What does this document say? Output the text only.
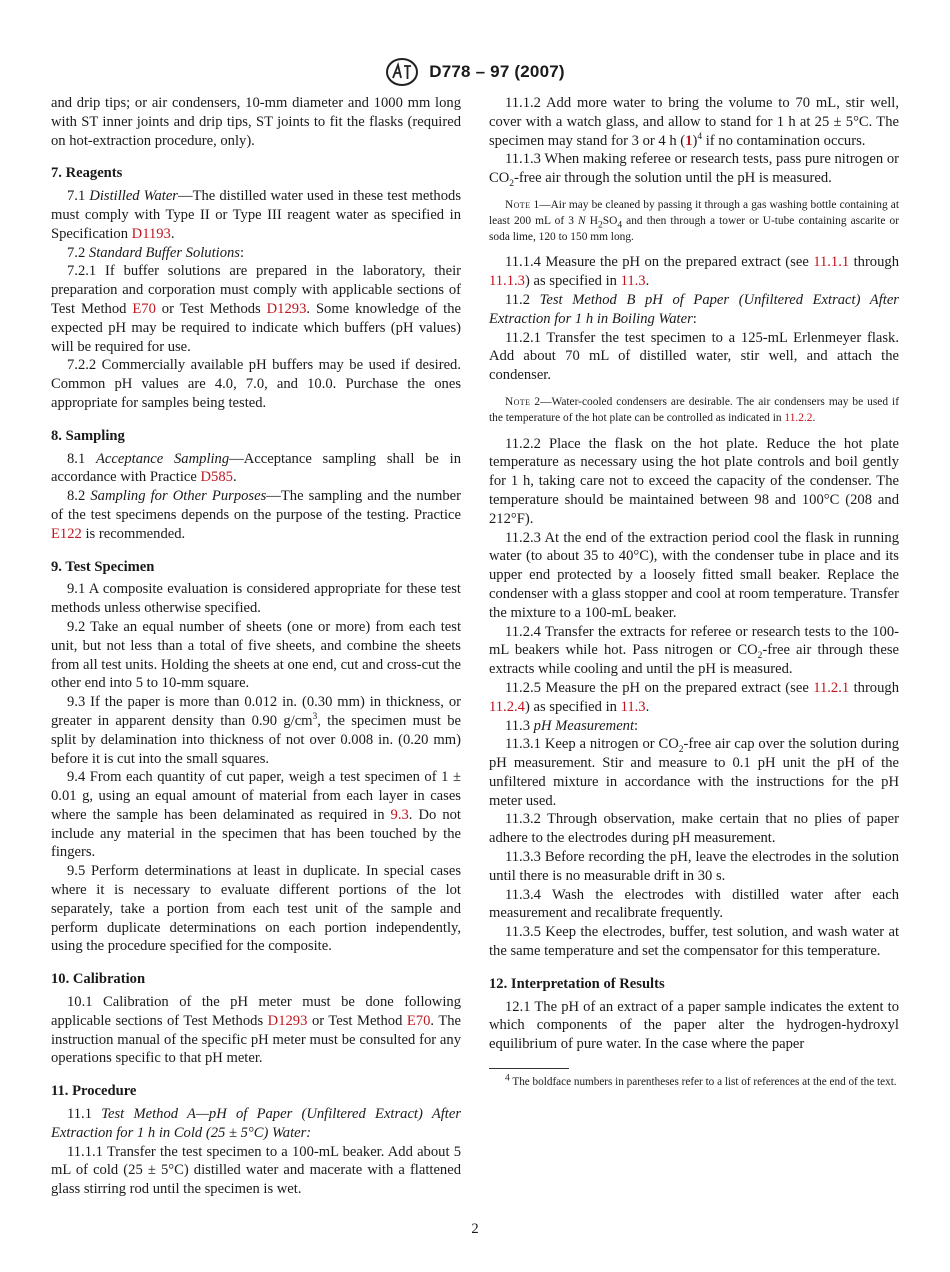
D778 – 97 (2007)

and drip tips; or air condensers, 10-mm diameter and 1000 mm long with ST inner joints and drip tips, ST joints to fit the flasks (required on hot-extraction procedure, only).

7. Reagents

7.1 Distilled Water—The distilled water used in these test methods must comply with Type II or Type III reagent water as specified in Specification D1193.

7.2 Standard Buffer Solutions:

7.2.1 If buffer solutions are prepared in the laboratory, their preparation and corporation must comply with applicable sections of Test Method E70 or Test Methods D1293. Some knowledge of the expected pH may be required to indicate which buffers (pH values) will be required for use.

7.2.2 Commercially available pH buffers may be used if desired. Common pH values are 4.0, 7.0, and 10.0. Purchase the ones appropriate for samples being tested.

8. Sampling

8.1 Acceptance Sampling—Acceptance sampling shall be in accordance with Practice D585.

8.2 Sampling for Other Purposes—The sampling and the number of the test specimens depends on the purpose of the testing. Practice E122 is recommended.

9. Test Specimen

9.1 A composite evaluation is considered appropriate for these test methods unless otherwise specified.

9.2 Take an equal number of sheets (one or more) from each test unit, but not less than a total of five sheets, and combine the sheets from all test units. Holding the sheets at one end, cut and cross-cut the other end into 5 to 10-mm square.

9.3 If the paper is more than 0.012 in. (0.30 mm) in thickness, or greater in apparent density than 0.90 $g/cm^3$, the specimen must be split by delamination into thickness of not over 0.008 in. (0.20 mm) before it is cut into the small squares.

9.4 From each quantity of cut paper, weigh a test specimen of 1 ± 0.01 g, using an equal amount of material from each layer in cases where the sample has been delaminated as required in 9.3. Do not include any material in the specimen that has been touched by the fingers.

9.5 Perform determinations at least in duplicate. In special cases where it is necessary to evaluate different portions of the lot separately, take a portion from each test unit of the sample and perform duplicate determinations on each portion independently, using the procedure specified for the composite.

10. Calibration

10.1 Calibration of the pH meter must be done following applicable sections of Test Methods D1293 or Test Method E70. The instruction manual of the specific pH meter must be consulted for any operations specific to that pH meter.

11. Procedure

11.1 Test Method A—pH of Paper (Unfiltered Extract) After Extraction for 1 h in Cold (25 ± 5°C) Water:

11.1.1 Transfer the test specimen to a 100-mL beaker. Add about 5 mL of cold (25 ± 5°C) distilled water and macerate with a flattened glass stirring rod until the specimen is wet.

11.1.2 Add more water to bring the volume to 70 mL, stir well, cover with a watch glass, and allow to stand for 1 h at 25 ± 5°C. The specimen may stand for 3 or 4 h $(1)^4$ if no contamination occurs.

11.1.3 When making referee or research tests, pass pure nitrogen or $CO_2$-free air through the solution until the pH is measured.

Note 1—Air may be cleaned by passing it through a gas washing bottle containing at least 200 mL of 3 N $H_2SO_4$ and then through a tower or U-tube containing ascarite or soda lime, 120 to 150 mm long.

11.1.4 Measure the pH on the prepared extract (see 11.1.1 through 11.1.3) as specified in 11.3.

11.2 Test Method B pH of Paper (Unfiltered Extract) After Extraction for 1 h in Boiling Water:

11.2.1 Transfer the test specimen to a 125-mL Erlenmeyer flask. Add about 70 mL of distilled water, stir well, and attach the condenser.

Note 2—Water-cooled condensers are desirable. The air condensers may be used if the temperature of the hot plate can be controlled as indicated in 11.2.2.

11.2.2 Place the flask on the hot plate. Reduce the hot plate temperature as necessary using the hot plate controls and boil gently for 1 h, taking care not to exceed the capacity of the condenser. The temperature should be maintained between 98 and 100°C (208 and 212°F).

11.2.3 At the end of the extraction period cool the flask in running water (to about 35 to 40°C), with the condenser tube in place and its upper end protected by a loosely fitted small beaker. Replace the condenser with a glass stopper and cool at room temperature. Transfer the mixture to a 100-mL beaker.

11.2.4 Transfer the extracts for referee or research tests to the 100-mL beakers while hot. Pass nitrogen or $CO_2$-free air through these extracts while cooling and until the pH is measured.

11.2.5 Measure the pH on the prepared extract (see 11.2.1 through 11.2.4) as specified in 11.3.

11.3 pH Measurement:

11.3.1 Keep a nitrogen or $CO_2$-free air cap over the solution during pH measurement. Stir and measure to 0.1 pH unit the pH of the unfiltered mixture in accordance with the instructions for the pH meter used.

11.3.2 Through observation, make certain that no plies of paper adhere to the electrodes during pH measurement.

11.3.3 Before recording the pH, leave the electrodes in the solution until there is no measurable drift in 30 s.

11.3.4 Wash the electrodes with distilled water after each measurement and recalibrate frequently.

11.3.5 Keep the electrodes, buffer, test solution, and wash water at the same temperature and set the compensator for this temperature.

12. Interpretation of Results

12.1 The pH of an extract of a paper sample indicates the extent to which components of the paper alter the hydrogen-hydroxyl equilibrium of pure water. In the case where the paper

$^4$ The boldface numbers in parentheses refer to a list of references at the end of the text.
2
